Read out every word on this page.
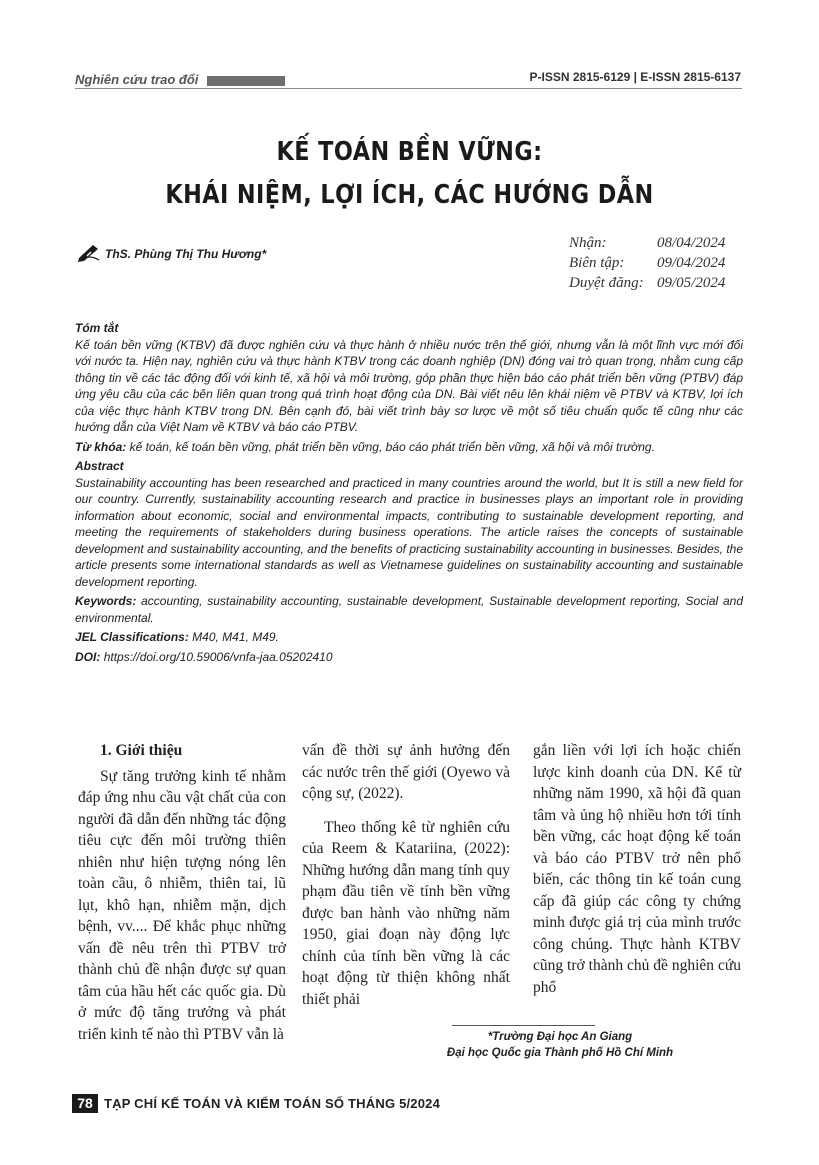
Nghiên cứu trao đổi	P-ISSN 2815-6129 | E-ISSN 2815-6137
KẾ TOÁN BỀN VỮNG:
KHÁI NIỆM, LỢI ÍCH, CÁC HƯỚNG DẪN
ThS. Phùng Thị Thu Hương*
Nhận:	08/04/2024
Biên tập: 09/04/2024
Duyệt đăng: 09/05/2024

Tóm tắt

Kế toán bền vững (KTBV) đã được nghiên cứu và thực hành ở nhiều nước trên thế giới, nhưng vẫn là một lĩnh vực mới đối với nước ta. Hiện nay, nghiên cứu và thực hành KTBV trong các doanh nghiệp (DN) đóng vai trò quan trọng, nhằm cung cấp thông tin về các tác động đối với kinh tế, xã hội và môi trường, góp phần thực hiện báo cáo phát triển bền vững (PTBV) đáp ứng yêu cầu của các bên liên quan trong quá trình hoạt động của DN. Bài viết nêu lên khái niệm về PTBV và KTBV, lợi ích của việc thực hành KTBV trong DN. Bên cạnh đó, bài viết trình bày sơ lược về một số tiêu chuẩn quốc tế cũng như các hướng dẫn của Việt Nam về KTBV và báo cáo PTBV.

Từ khóa: kế toán, kế toán bền vững, phát triển bền vững, báo cáo phát triển bền vững, xã hội và môi trường.

Abstract

Sustainability accounting has been researched and practiced in many countries around the world, but It is still a new field for our country. Currently, sustainability accounting research and practice in businesses plays an important role in providing information about economic, social and environmental impacts, contributing to sustainable development reporting, and meeting the requirements of stakeholders during business operations. The article raises the concepts of sustainable development and sustainability accounting, and the benefits of practicing sustainability accounting in businesses. Besides, the article presents some international standards as well as Vietnamese guidelines on sustainability accounting and sustainable development reporting.

Keywords: accounting, sustainability accounting, sustainable development, Sustainable development reporting, Social and environmental.

JEL Classifications: M40, M41, M49.

DOI: https://doi.org/10.59006/vnfa-jaa.05202410

1. Giới thiệu

Sự tăng trưởng kinh tế nhằm đáp ứng nhu cầu vật chất của con người đã dẫn đến những tác động tiêu cực đến môi trường thiên nhiên như hiện tượng nóng lên toàn cầu, ô nhiễm, thiên tai, lũ lụt, khô hạn, nhiễm mặn, dịch bệnh, vv.... Để khắc phục những vấn đề nêu trên thì PTBV trở thành chủ đề nhận được sự quan tâm của hầu hết các quốc gia. Dù ở mức độ tăng trưởng và phát triển kinh tế nào thì PTBV vẫn là

vấn đề thời sự ảnh hưởng đến các nước trên thế giới (Oyewo và cộng sự, (2022).

Theo thống kê từ nghiên cứu của Reem & Katariina, (2022): Những hướng dẫn mang tính quy phạm đầu tiên về tính bền vững được ban hành vào những năm 1950, giai đoạn này động lực chính của tính bền vững là các hoạt động từ thiện không nhất thiết phải

gắn liền với lợi ích hoặc chiến lược kinh doanh của DN. Kể từ những năm 1990, xã hội đã quan tâm và ủng hộ nhiều hơn tới tính bền vững, các hoạt động kế toán và báo cáo PTBV trở nên phổ biến, các thông tin kế toán cung cấp đã giúp các công ty chứng minh được giá trị của mình trước công chúng. Thực hành KTBV cũng trở thành chủ đề nghiên cứu phổ

*Trường Đại học An Giang
Đại học Quốc gia Thành phố Hồ Chí Minh
78 TẠP CHÍ KẾ TOÁN VÀ KIỂM TOÁN SỐ THÁNG 5/2024
